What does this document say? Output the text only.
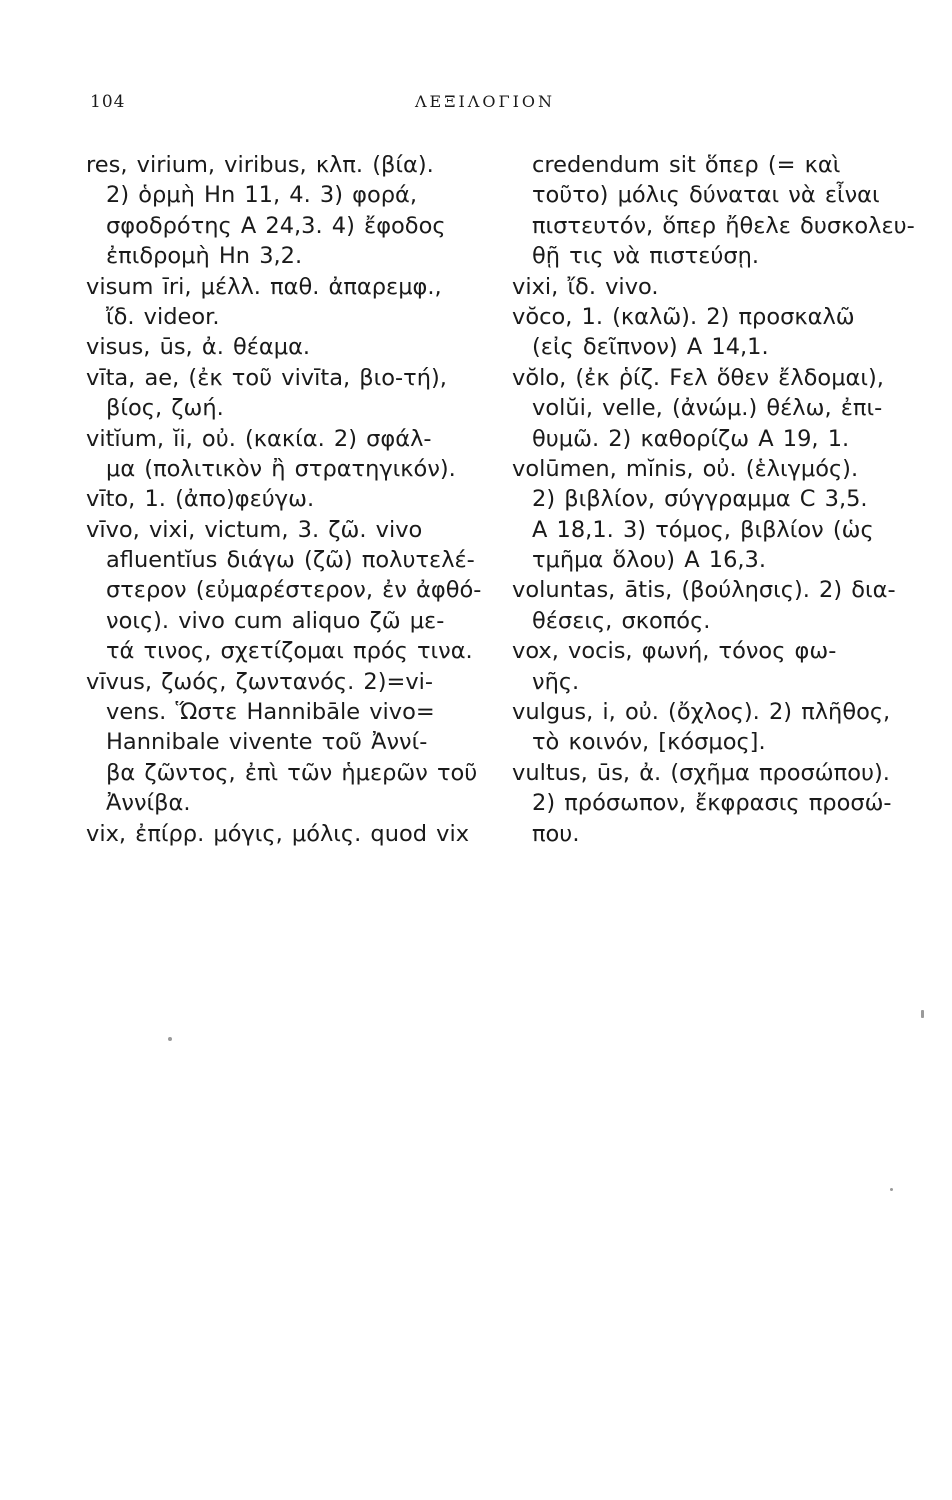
104	ΛΕΞΙΛΟΓΙΟΝ
res, virium, viribus, κλπ. (βία).
2) ὁρμὴ Hn 11, 4. 3) φορά,
σφοδρότης A 24,3. 4) ἔφοδος
ἐπιδρομὴ Hn 3,2.
visum īri, μέλλ. παθ. ἀπαρεμφ.,
ἴδ. videor.
visus, ūs, ἀ. θέαμα.
vīta, ae, (ἐκ τοῦ vivīta, βιο-τή),
βίος, ζωή.
vitĭum, ĭi, οὐ. (κακία. 2) σφάλ-
μα (πολιτικὸν ἢ στρατηγικόν).
vīto, 1. (ἀπο)φεύγω.
vīvo, vixi, victum, 3. ζῶ. vivo
afluentĭus διάγω (ζῶ) πολυτελέ-
στερον (εὐμαρέστερον, ἐν ἀφθό-
νοις). vivo cum aliquo ζῶ με-
τά τινος, σχετίζομαι πρός τινα.
vīvus, ζωός, ζωντανός. 2)=vi-
vens. Ὥστε Hannibāle vivo=
Hannibale vivente τοῦ Ἀννί-
βα ζῶντος, ἐπὶ τῶν ἡμερῶν τοῦ
Ἀννίβα.
vix, ἐπίρρ. μόγις, μόλις. quod vix
credendum sit ὅπερ (= καὶ
τοῦτο) μόλις δύναται νὰ εἶναι
πιστευτόν, ὅπερ ἤθελε δυσκολευ-
θῇ τις νὰ πιστεύσῃ.
vixi, ἴδ. vivo.
vŏco, 1. (καλῶ). 2) προσκαλῶ
(εἰς δεῖπνον) A 14,1.
vŏlo, (ἐκ ῥίζ. Fελ ὅθεν ἔλδομαι),
volŭi, velle, (ἀνώμ.) θέλω, ἐπι-
θυμῶ. 2) καθορίζω A 19, 1.
volūmen, mĭnis, οὐ. (ἑλιγμός).
2) βιβλίον, σύγγραμμα C 3,5.
A 18,1. 3) τόμος, βιβλίον (ὡς
τμῆμα ὅλου) A 16,3.
voluntas, ātis, (βούλησις). 2) δια-
θέσεις, σκοπός.
vox, vocis, φωνή, τόνος φω-
νῆς.
vulgus, i, οὐ. (ὄχλος). 2) πλῆθος,
τὸ κοινόν, [κόσμος].
vultus, ūs, ἀ. (σχῆμα προσώπου).
2) πρόσωπον, ἔκφρασις προσώ-
που.
